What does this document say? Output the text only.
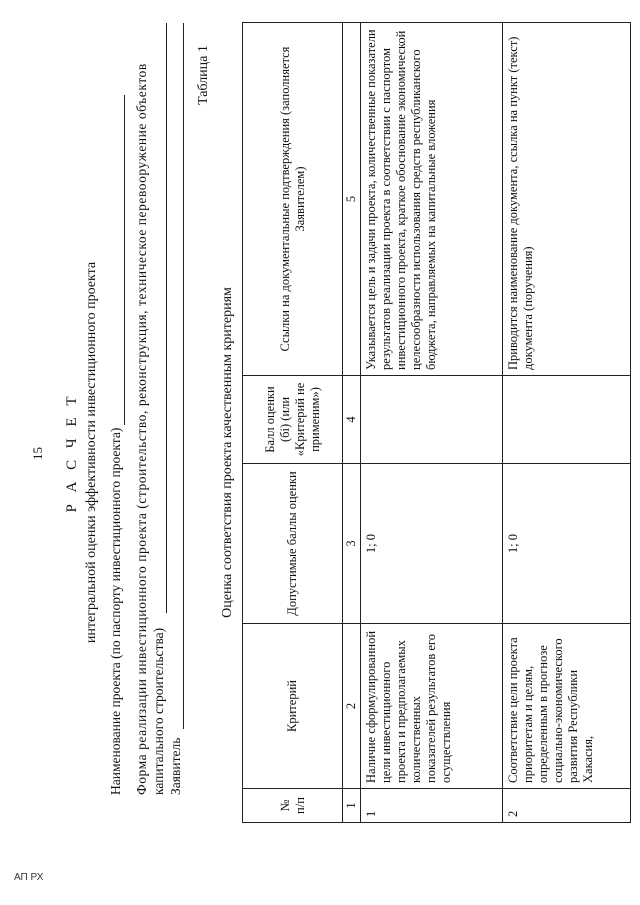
15 Р А С Ч Е Т интегральной оценки эффективности инвестиционного проекта Наименование проекта (по паспорту инвестиционного проекта) Форма реализации инвестиционного проекта (строительство, реконструкция, техническое перевооружение объектов капитального строительства) Заявитель
Таблица 1
Оценка соответствия проекта качественным критериям
№ п/п	Критерий	Допустимые баллы оценки	Балл оценки (бi) (или «Критерий не применим»)	Ссылки на документальные подтверждения (заполняется Заявителем)
1	2	3	4	5
1	Наличие сформулированной цели инвестиционного проекта и предполагаемых количественных показателей результатов его осуществления	1; 0		Указывается цель и задачи проекта, количественные показатели результатов реализации проекта в соответствии с паспортом инвестиционного проекта, краткое обоснование экономической целесообразности использования средств республиканского бюджета, направляемых на капитальные вложения
2	Соответствие цели проекта приоритетам и целям, определенным в прогнозе социально-экономического развития Республики Хакасия,	1; 0		Приводится наименование документа, ссылка на пункт (текст) документа (поручения)
АП РХ
